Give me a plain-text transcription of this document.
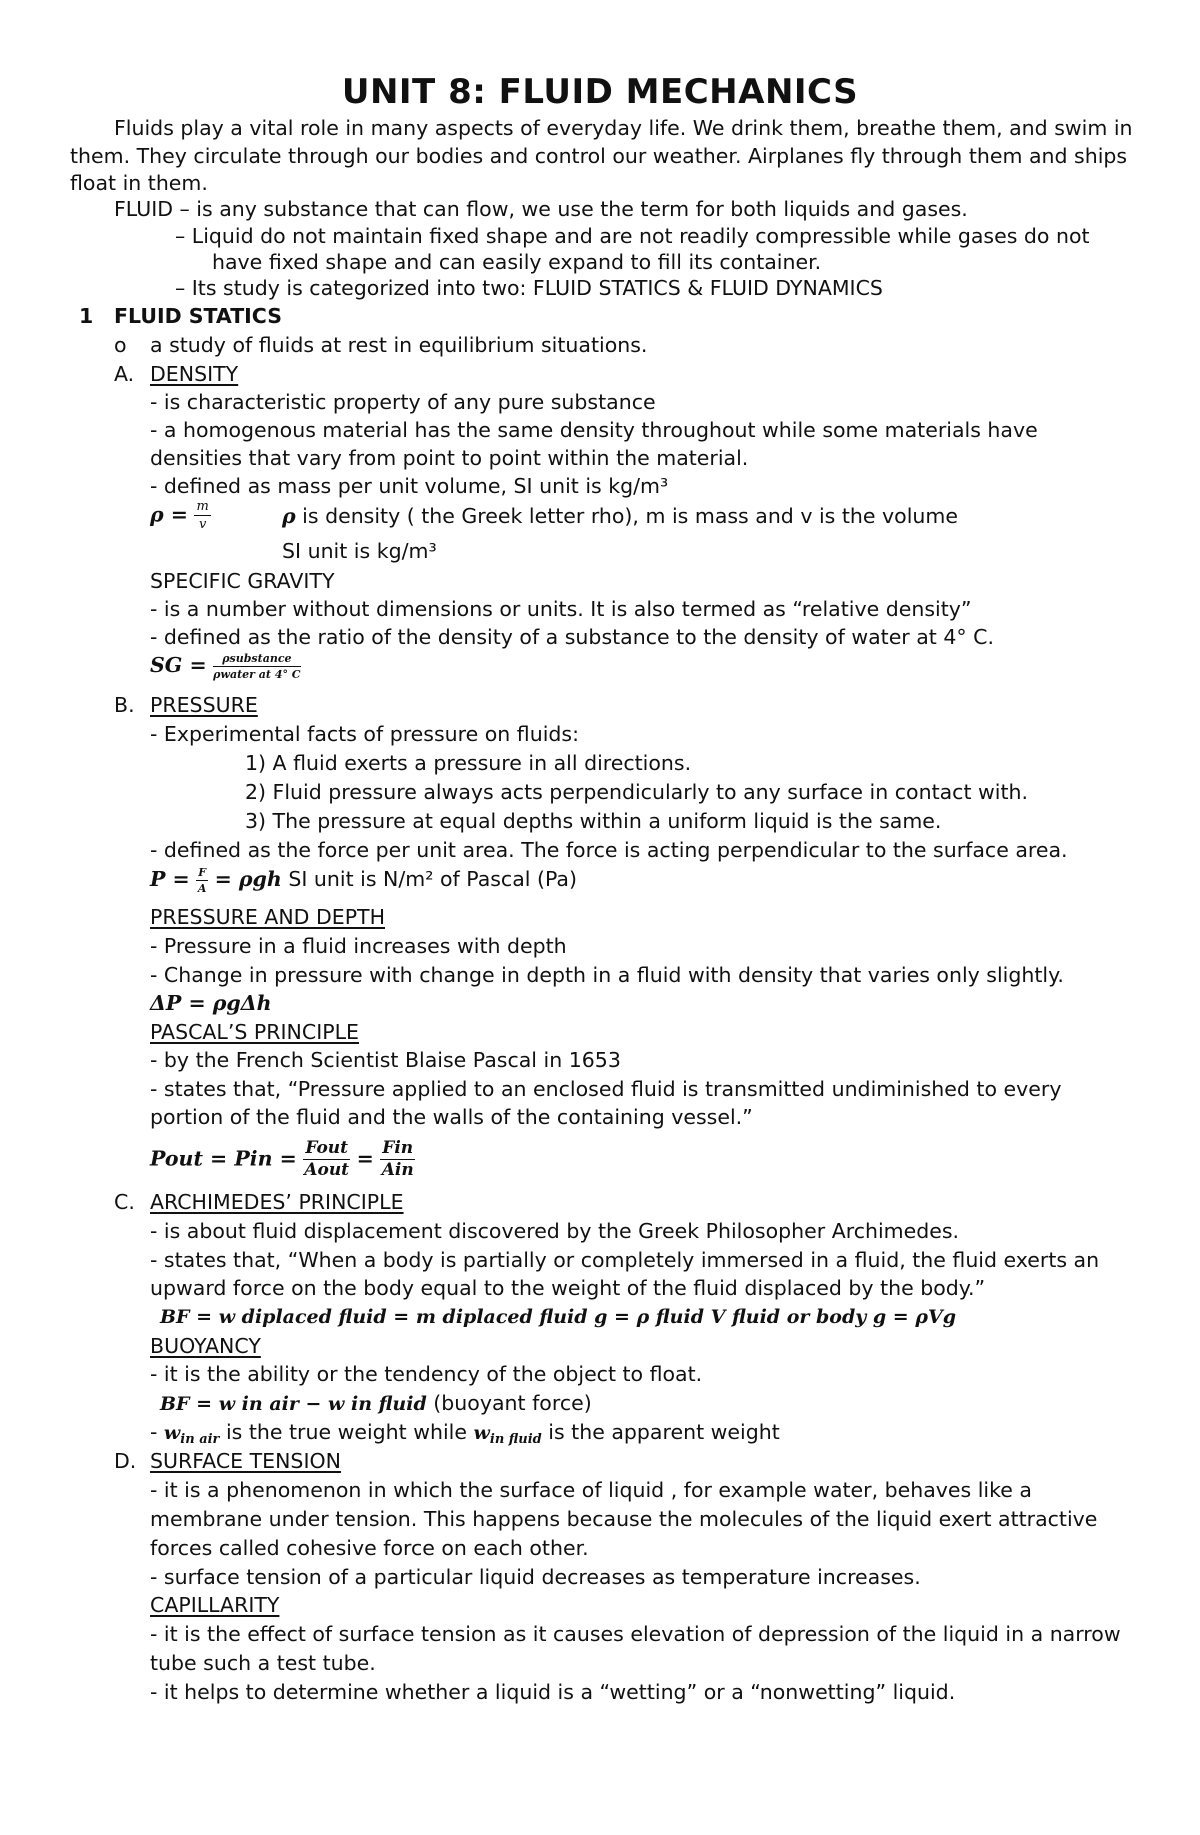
UNIT 8: FLUID MECHANICS
Fluids play a vital role in many aspects of everyday life. We drink them, breathe them, and swim in
them. They circulate through our bodies and control our weather. Airplanes fly through them and ships
float in them.
FLUID – is any substance that can flow, we use the term for both liquids and gases.
– Liquid do not maintain fixed shape and are not readily compressible while gases do not
have fixed shape and can easily expand to fill its container.
– Its study is categorized into two: FLUID STATICS & FLUID DYNAMICS
1 FLUID STATICS
o a study of fluids at rest in equilibrium situations.
A. DENSITY
- is characteristic property of any pure substance
- a homogenous material has the same density throughout while some materials have
densities that vary from point to point within the material.
- defined as mass per unit volume, SI unit is kg/m³
$\rho = \frac{m}{v}$	ρ is density ( the Greek letter rho), m is mass and v is the volume
SI unit is kg/m³
SPECIFIC GRAVITY
- is a number without dimensions or units. It is also termed as “relative density”
- defined as the ratio of the density of a substance to the density of water at 4° C.
SG = $\frac{\text{ρsubstance}}{\text{ρwater at 4° C}}$
B. PRESSURE
- Experimental facts of pressure on fluids:
1) A fluid exerts a pressure in all directions.
2) Fluid pressure always acts perpendicularly to any surface in contact with.
3) The pressure at equal depths within a uniform liquid is the same.
- defined as the force per unit area. The force is acting perpendicular to the surface area.
$P = \frac{F}{A} = \rho gh$ SI unit is N/m² of Pascal (Pa)
PRESSURE AND DEPTH
- Pressure in a fluid increases with depth
- Change in pressure with change in depth in a fluid with density that varies only slightly.
ΔP = ρgΔh
PASCAL’S PRINCIPLE
- by the French Scientist Blaise Pascal in 1653
- states that, “Pressure applied to an enclosed fluid is transmitted undiminished to every
portion of the fluid and the walls of the containing vessel.”
Pout = Pin = $\frac{\text{Fout}}{\text{Aout}} = \frac{\text{Fin}}{\text{Ain}}$
C. ARCHIMEDES’ PRINCIPLE
- is about fluid displacement discovered by the Greek Philosopher Archimedes.
- states that, “When a body is partially or completely immersed in a fluid, the fluid exerts an
upward force on the body equal to the weight of the fluid displaced by the body.”
BF = w diplaced fluid = m diplaced fluid g = ρ fluid V fluid or body g = ρVg
BUOYANCY
- it is the ability or the tendency of the object to float.
BF = w in air − w in fluid (buoyant force)
- $w_{in air}$ is the true weight while $w_{in fluid}$ is the apparent weight
D. SURFACE TENSION
- it is a phenomenon in which the surface of liquid , for example water, behaves like a
membrane under tension. This happens because the molecules of the liquid exert attractive
forces called cohesive force on each other.
- surface tension of a particular liquid decreases as temperature increases.
CAPILLARITY
- it is the effect of surface tension as it causes elevation of depression of the liquid in a narrow
tube such a test tube.
- it helps to determine whether a liquid is a “wetting” or a “nonwetting” liquid.
